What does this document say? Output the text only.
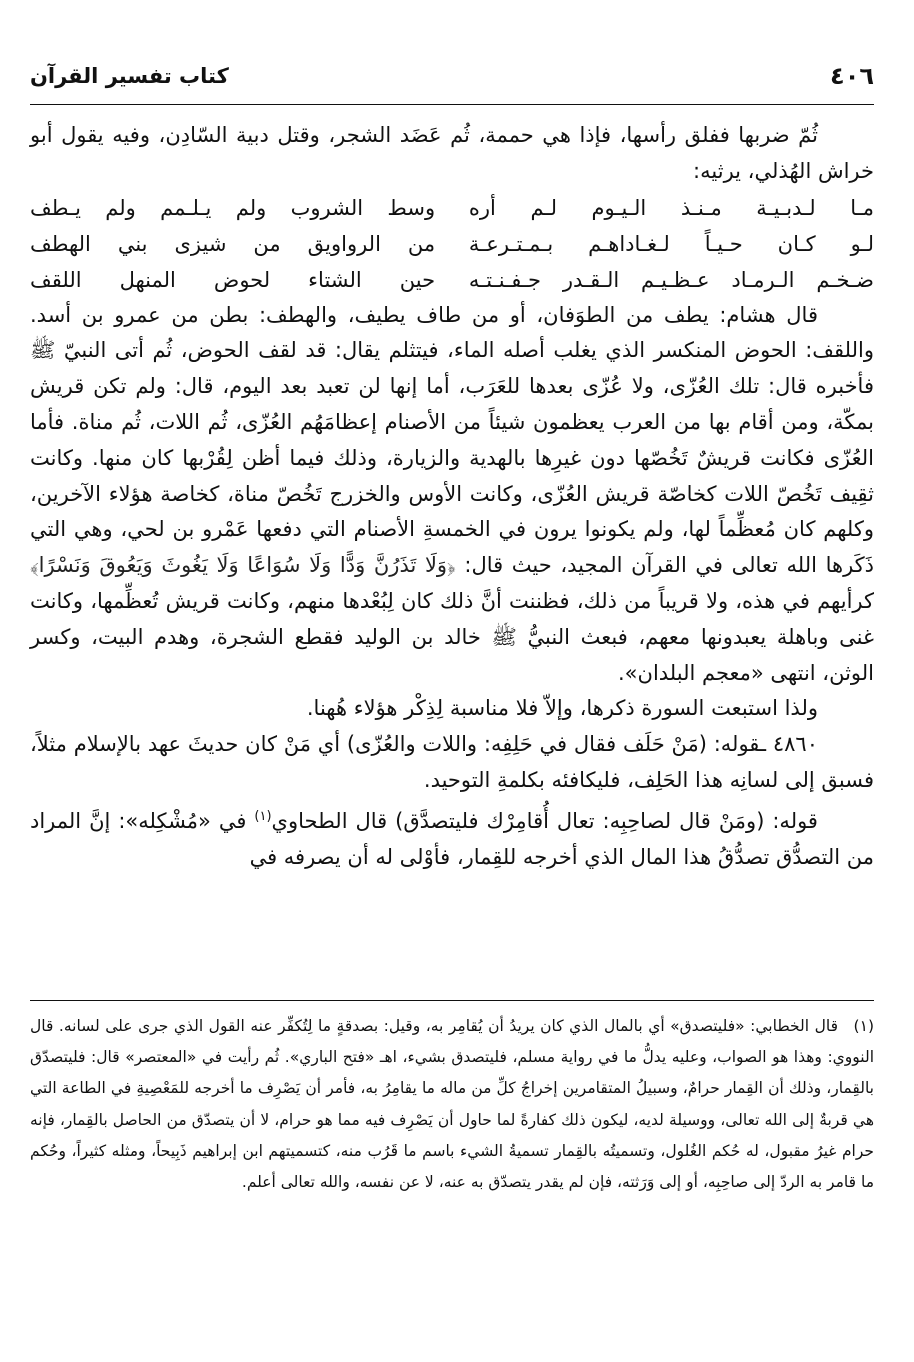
٤٠٦
كتاب تفسير القرآن

ثُمّ ضربها ففلق رأسها، فإذا هي حممة، ثُم عَضَد الشجر، وقتل دبية السّادِن، وفيه يقول أبو خراش الهُذلي، يرثيه:

مـا لـدبـيـة مـنـذ الـيـوم لـم أره
وسط الشروب ولم يـلـمم ولم يـطف
لـو كـان حـيـاً لـغـاداهـم بـمـتـرعـة
من الرواويق من شيزى بني الهطف
ضـخـم الـرمـاد عـظـيـم الـقـدر جـفـنـتـه
حين الشتاء لحوض المنهل اللقف

قال هشام: يطف من الطوَفان، أو من طاف يطيف، والهطف: بطن من عمرو بن أسد. واللقف: الحوض المنكسر الذي يغلب أصله الماء، فيتثلم يقال: قد لقف الحوض، ثُم أتى النبيّ ﷺ فأخبره قال: تلك العُزّى، ولا عُزّى بعدها للعَرَب، أما إنها لن تعبد بعد اليوم، قال: ولم تكن قريش بمكّة، ومن أقام بها من العرب يعظمون شيئاً من الأصنام إعظامَهُم العُزّى، ثُم اللات، ثُم مناة. فأما العُزّى فكانت قريشٌ تَخُصّها دون غيرِها بالهدية والزيارة، وذلك فيما أظن لِقُرْبها كان منها. وكانت ثقِيف تَخُصّ اللات كخاصّة قريش العُزّى، وكانت الأوس والخزرج تَخُصّ مناة، كخاصة هؤلاء الآخرين، وكلهم كان مُعظِّماً لها، ولم يكونوا يرون في الخمسةِ الأصنام التي دفعها عَمْرو بن لحي، وهي التي ذَكَرها الله تعالى في القرآن المجيد، حيث قال: ﴿وَلَا تَذَرُنَّ وَدًّا وَلَا سُوَاعًا وَلَا يَغُوثَ وَيَعُوقَ وَنَسْرًا﴾كرأيهم في هذه، ولا قريباً من ذلك، فظننت أنَّ ذلك كان لِبُعْدها منهم، وكانت قريش تُعظِّمها، وكانت غنى وباهلة يعبدونها معهم، فبعث النبيُّ ﷺ خالد بن الوليد فقطع الشجرة، وهدم البيت، وكسر الوثن، انتهى «معجم البلدان».

ولذا استبعت السورة ذكرها، وإلاّ فلا مناسبة لِذِكْر هؤلاء هُهنا.

٤٨٦٠ ـقوله: (مَنْ حَلَف فقال في حَلِفِه: واللات والعُزّى) أي مَنْ كان حديثَ عهد بالإسلام مثلاً، فسبق إلى لسانِه هذا الحَلِف، فليكافئه بكلمةِ التوحيد.

قوله: (ومَنْ قال لصاحِبِه: تعال أُقامِرْك فليتصدَّق) قال الطحاوي$^{(١)}$ في «مُشْكِله»: إنَّ المراد من التصدُّق تصدُّقُ هذا المال الذي أخرجه للقِمار، فأوْلى له أن يصرفه في

(١) قال الخطابي: «فليتصدق» أي بالمال الذي كان يريدُ أن يُقامِر به، وقيل: بصدقةٍ ما لِتُكفِّر عنه القول الذي جرى على لسانه. قال النووي: وهذا هو الصواب، وعليه يدلُّ ما في رواية مسلم، فليتصدق بشيء، اهـ «فتح الباري». ثُم رأيت في «المعتصر» قال: فليتصدّق بالقِمار، وذلك أن القِمار حرامٌ، وسبيلُ المتقامرين إخراجُ كلِّ من ماله ما يقامِرُ به، فأمر أن يَصْرِف ما أخرجه للمَعْصِيةِ في الطاعة التي هي قربةٌ إلى الله تعالى، ووسيلة لديه، ليكون ذلك كفارةً لما حاول أن يَصْرِف فيه مما هو حرام، لا أن يتصدّق من الحاصل بالقِمار، فإنه حرام غيرُ مقبول، له حُكم الغُلول، وتسميتُه بالقِمار تسميةُ الشيء باسم ما قَرُب منه، كتسميتهم ابن إبراهيم ذَبِيحاً، ومثله كثيراً، وحُكم ما قامر به الردّ إلى صاحِبِه، أو إلى وَرَثته، فإن لم يقدر يتصدّق به عنه، لا عن نفسه، والله تعالى أعلم.
